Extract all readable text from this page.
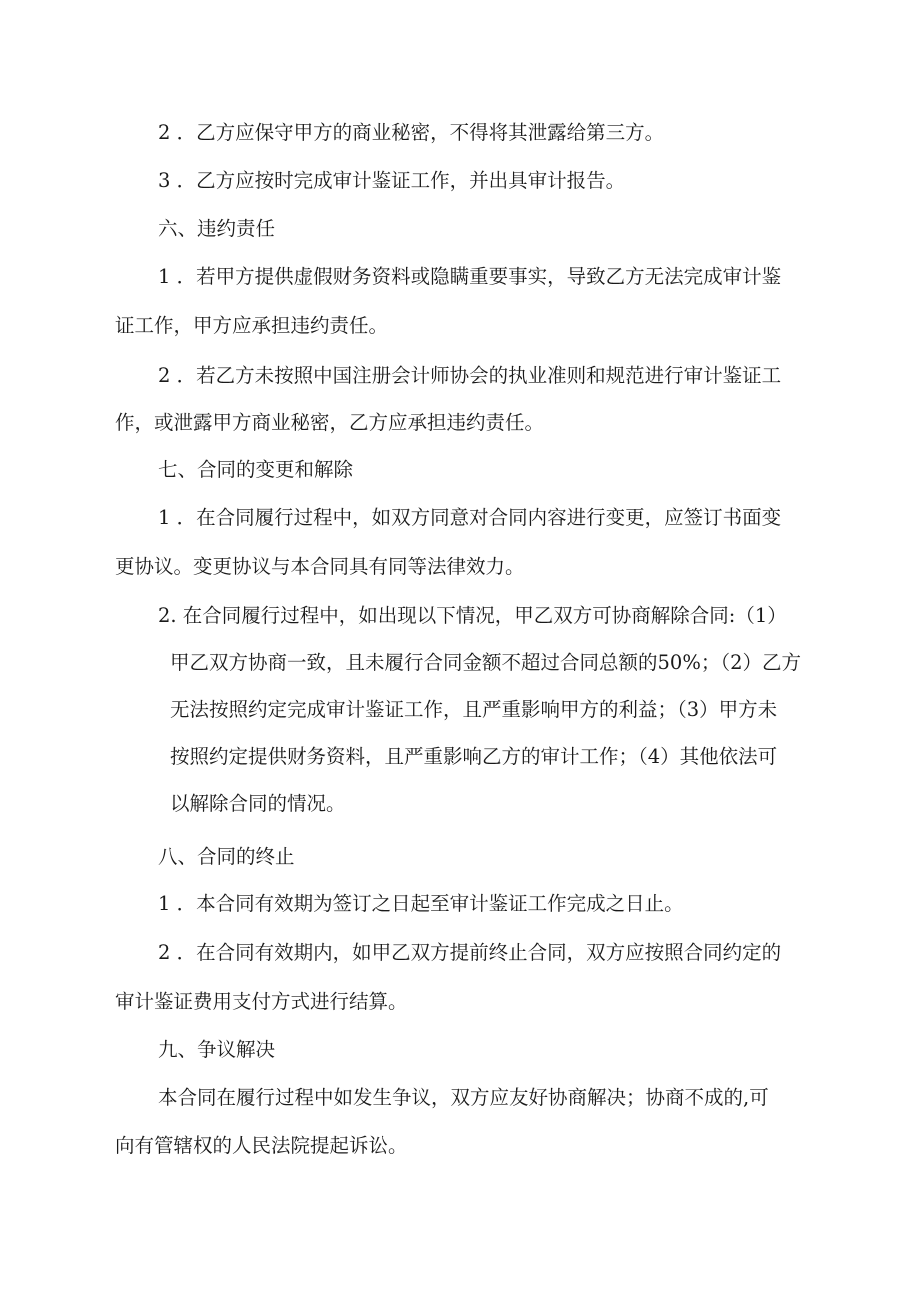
2 ．乙方应保守甲方的商业秘密，不得将其泄露给第三方。

3 ．乙方应按时完成审计鉴证工作，并出具审计报告。

六、违约责任

1 ．若甲方提供虚假财务资料或隐瞒重要事实，导致乙方无法完成审计鉴

证工作，甲方应承担违约责任。

2 ．若乙方未按照中国注册会计师协会的执业准则和规范进行审计鉴证工

作，或泄露甲方商业秘密，乙方应承担违约责任。

七、合同的变更和解除

1 ．在合同履行过程中，如双方同意对合同内容进行变更，应签订书面变

更协议。变更协议与本合同具有同等法律效力。

2. 在合同履行过程中，如出现以下情况，甲乙双方可协商解除合同:（1）

甲乙双方协商一致，且未履行合同金额不超过合同总额的50%；（2）乙方
无法按照约定完成审计鉴证工作，且严重影响甲方的利益；（3）甲方未
按照约定提供财务资料，且严重影响乙方的审计工作；（4）其他依法可
以解除合同的情况。

八、合同的终止

1 ．本合同有效期为签订之日起至审计鉴证工作完成之日止。

2 ．在合同有效期内，如甲乙双方提前终止合同，双方应按照合同约定的

审计鉴证费用支付方式进行结算。

九、争议解决

本合同在履行过程中如发生争议，双方应友好协商解决；协商不成的,可

向有管辖权的人民法院提起诉讼。
